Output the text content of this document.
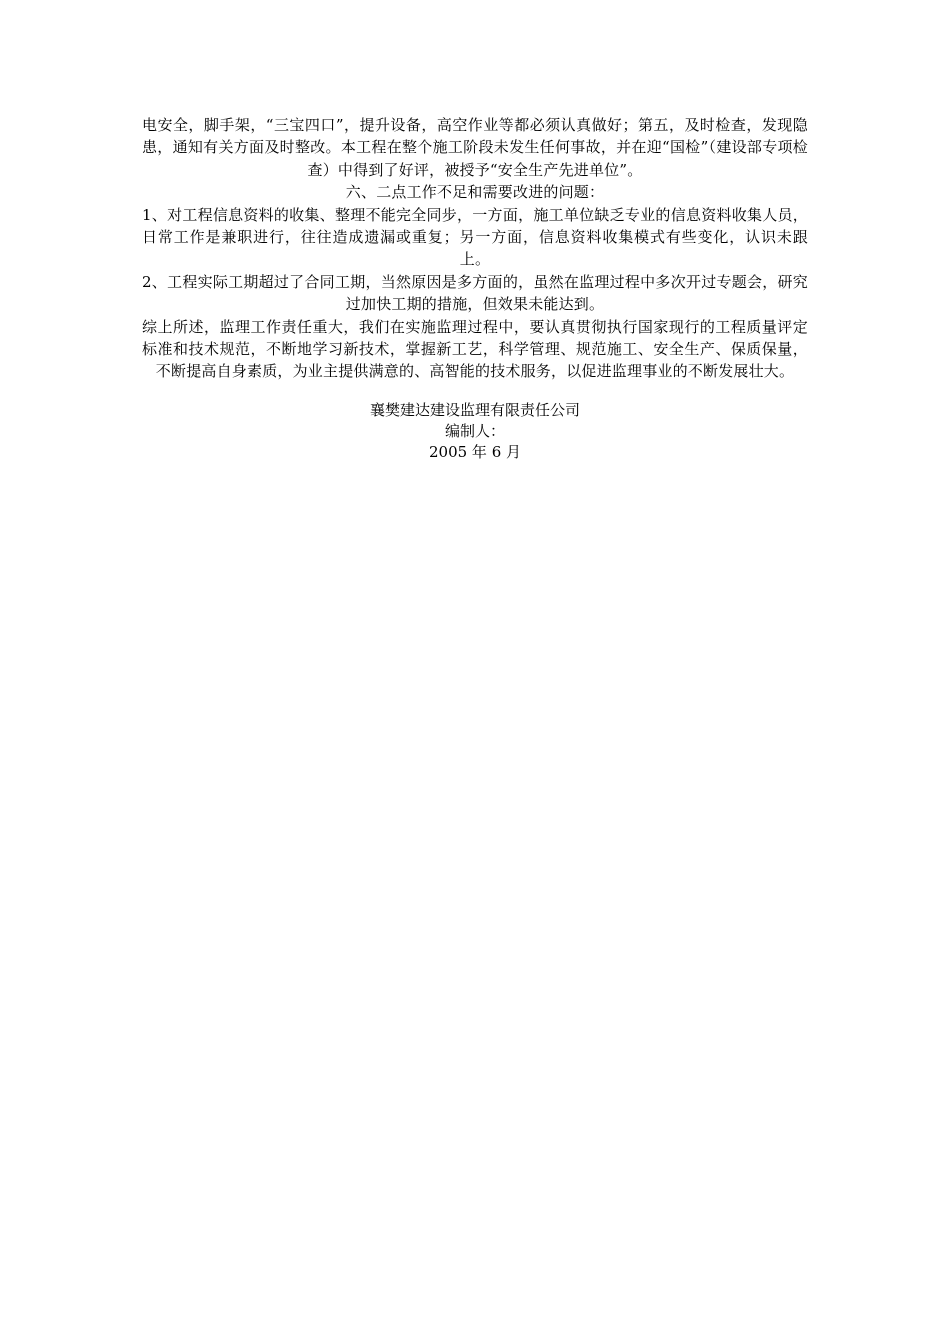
电安全，脚手架，“三宝四口”，提升设备，高空作业等都必须认真做好；第五，及时检查，发现隐患，通知有关方面及时整改。本工程在整个施工阶段未发生任何事故，并在迎“国检”（建设部专项检查）中得到了好评，被授予“安全生产先进单位”。

六、二点工作不足和需要改进的问题：

1、对工程信息资料的收集、整理不能完全同步，一方面，施工单位缺乏专业的信息资料收集人员，日常工作是兼职进行，往往造成遗漏或重复；另一方面，信息资料收集模式有些变化，认识未跟上。

2、工程实际工期超过了合同工期，当然原因是多方面的，虽然在监理过程中多次开过专题会，研究过加快工期的措施，但效果未能达到。

综上所述，监理工作责任重大，我们在实施监理过程中，要认真贯彻执行国家现行的工程质量评定标准和技术规范，不断地学习新技术，掌握新工艺，科学管理、规范施工、安全生产、保质保量，不断提高自身素质，为业主提供满意的、高智能的技术服务，以促进监理事业的不断发展壮大。

襄樊建达建设监理有限责任公司
编制人：
2005 年 6 月
